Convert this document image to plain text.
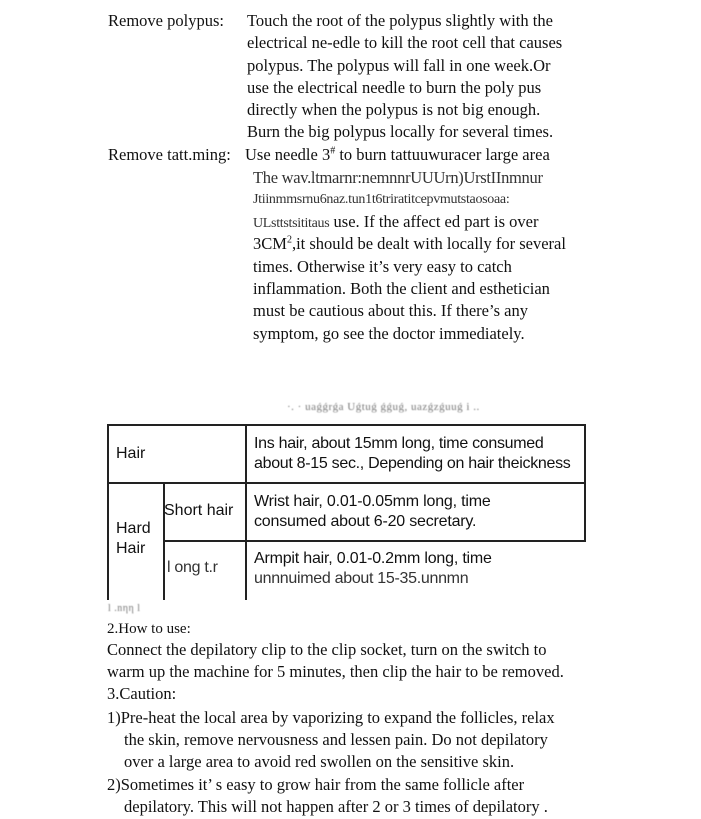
Remove polypus: Touch the root of the polypus slightly with the
electrical ne-edle to kill the root cell that causes
polypus. The polypus will fall in one week.Or
use the electrical needle to burn the poly pus
directly when the polypus is not big enough.
Burn the big polypus locally for several times.
Remove tatt.ming: Use needle 3# to burn tattuuwuracer large area
The wav.ltmarnr:nemnnrUUUrn)UrstIInmnur
Jtiinmmsrnu6naz.tun1t6triratitcepvmutstaosoaa:
ULsttstsititaus use. If the affect ed part is over
$3CM^2,it$ should be dealt with locally for several
times. Otherwise it’s very easy to catch
inflammation. Both the client and esthetician
must be cautious about this. If there’s any
symptom, go see the doctor immediately.
·. · uaǵǵrǵa Uǵtuǵ ǵǵuǵ, uazǵzǵuuǵ i ..
Hair
Ins hair, about 15mm long, time consumed
about 8-15 sec., Depending on hair theickness
Hard
Hair
Short hair
Wrist hair, 0.01-0.05mm long, time
consumed about 6-20 secretary.
l ong t.r
Armpit hair, 0.01-0.2mm long, time
unnnuimed about 15-35.unnmn
l .nηη l
2.How to use:
Connect the depilatory clip to the clip socket, turn on the switch to
warm up the machine for 5 minutes, then clip the hair to be removed.
3.Caution:
1)Pre-heat the local area by vaporizing to expand the follicles, relax
the skin, remove nervousness and lessen pain. Do not depilatory
over a large area to avoid red swollen on the sensitive skin.
2)Sometimes it’ s easy to grow hair from the same follicle after
depilatory. This will not happen after 2 or 3 times of depilatory .
